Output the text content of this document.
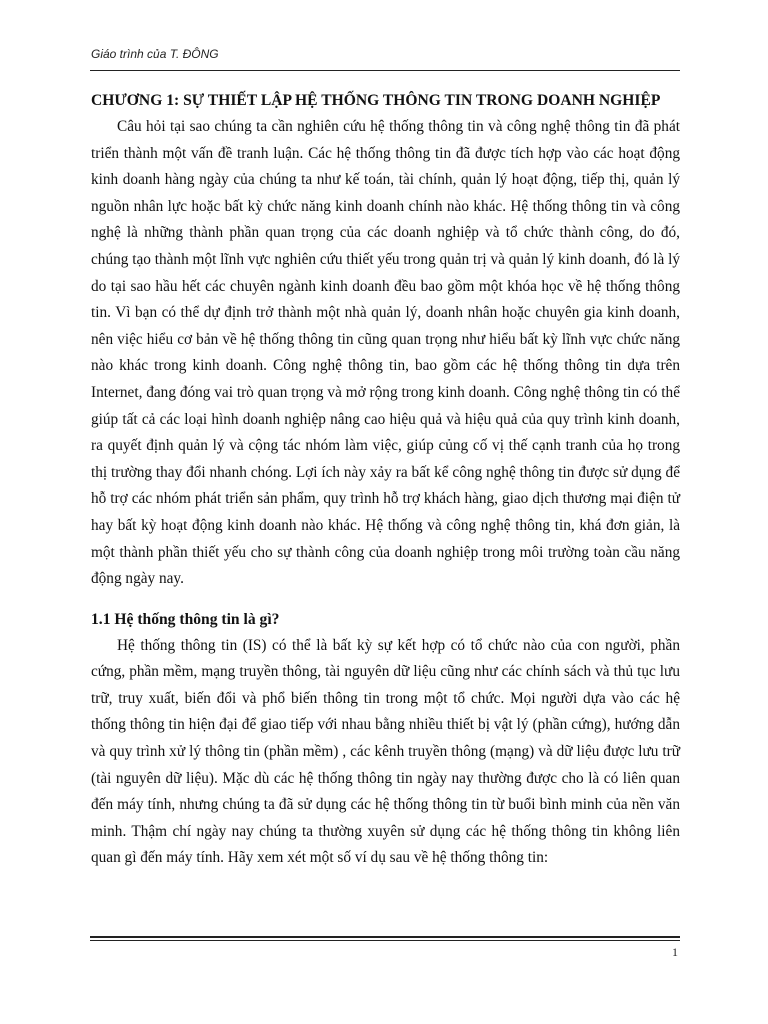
Giáo trình của T. ĐÔNG
CHƯƠNG 1: SỰ THIẾT LẬP HỆ THỐNG THÔNG TIN TRONG DOANH NGHIỆP

Câu hỏi tại sao chúng ta cần nghiên cứu hệ thống thông tin và công nghệ thông tin đã phát triển thành một vấn đề tranh luận. Các hệ thống thông tin đã được tích hợp vào các hoạt động kinh doanh hàng ngày của chúng ta như kế toán, tài chính, quản lý hoạt động, tiếp thị, quản lý nguồn nhân lực hoặc bất kỳ chức năng kinh doanh chính nào khác. Hệ thống thông tin và công nghệ là những thành phần quan trọng của các doanh nghiệp và tổ chức thành công, do đó, chúng tạo thành một lĩnh vực nghiên cứu thiết yếu trong quản trị và quản lý kinh doanh, đó là lý do tại sao hầu hết các chuyên ngành kinh doanh đều bao gồm một khóa học về hệ thống thông tin. Vì bạn có thể dự định trở thành một nhà quản lý, doanh nhân hoặc chuyên gia kinh doanh, nên việc hiểu cơ bản về hệ thống thông tin cũng quan trọng như hiểu bất kỳ lĩnh vực chức năng nào khác trong kinh doanh. Công nghệ thông tin, bao gồm các hệ thống thông tin dựa trên Internet, đang đóng vai trò quan trọng và mở rộng trong kinh doanh. Công nghệ thông tin có thể giúp tất cả các loại hình doanh nghiệp nâng cao hiệu quả và hiệu quả của quy trình kinh doanh, ra quyết định quản lý và cộng tác nhóm làm việc, giúp củng cố vị thế cạnh tranh của họ trong thị trường thay đổi nhanh chóng. Lợi ích này xảy ra bất kể công nghệ thông tin được sử dụng để hỗ trợ các nhóm phát triển sản phẩm, quy trình hỗ trợ khách hàng, giao dịch thương mại điện tử hay bất kỳ hoạt động kinh doanh nào khác. Hệ thống và công nghệ thông tin, khá đơn giản, là một thành phần thiết yếu cho sự thành công của doanh nghiệp trong môi trường toàn cầu năng động ngày nay.

1.1 Hệ thống thông tin là gì?

Hệ thống thông tin (IS) có thể là bất kỳ sự kết hợp có tổ chức nào của con người, phần cứng, phần mềm, mạng truyền thông, tài nguyên dữ liệu cũng như các chính sách và thủ tục lưu trữ, truy xuất, biến đổi và phổ biến thông tin trong một tổ chức. Mọi người dựa vào các hệ thống thông tin hiện đại để giao tiếp với nhau bằng nhiều thiết bị vật lý (phần cứng), hướng dẫn và quy trình xử lý thông tin (phần mềm) , các kênh truyền thông (mạng) và dữ liệu được lưu trữ (tài nguyên dữ liệu). Mặc dù các hệ thống thông tin ngày nay thường được cho là có liên quan đến máy tính, nhưng chúng ta đã sử dụng các hệ thống thông tin từ buổi bình minh của nền văn minh. Thậm chí ngày nay chúng ta thường xuyên sử dụng các hệ thống thông tin không liên quan gì đến máy tính. Hãy xem xét một số ví dụ sau về hệ thống thông tin:

1
